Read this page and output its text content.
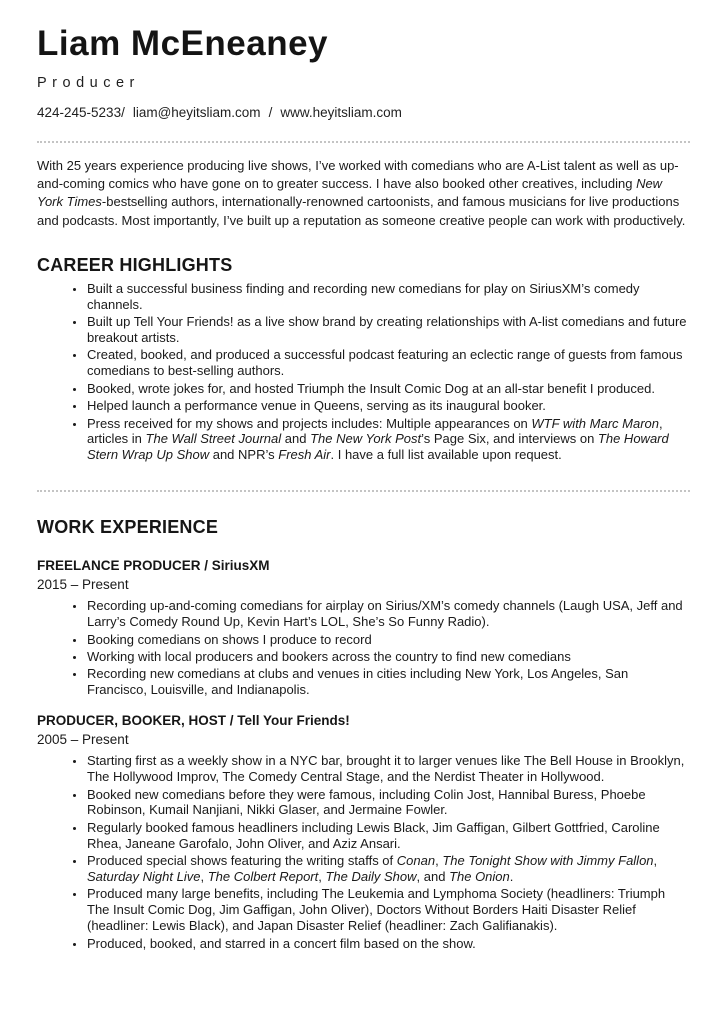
Liam McEneaney
Producer
424-245-5233/ liam@heyitsliam.com / www.heyitsliam.com

With 25 years experience producing live shows, I’ve worked with comedians who are A-List talent as well as up-and-coming comics who have gone on to greater success. I have also booked other creatives, including New York Times-bestselling authors, internationally-renowned cartoonists, and famous musicians for live productions and podcasts. Most importantly, I’ve built up a reputation as someone creative people can work with productively.

CAREER HIGHLIGHTS
• Built a successful business finding and recording new comedians for play on SiriusXM’s comedy channels.
• Built up Tell Your Friends! as a live show brand by creating relationships with A-list comedians and future breakout artists.
• Created, booked, and produced a successful podcast featuring an eclectic range of guests from famous comedians to best-selling authors.
• Booked, wrote jokes for, and hosted Triumph the Insult Comic Dog at an all-star benefit I produced.
• Helped launch a performance venue in Queens, serving as its inaugural booker.
• Press received for my shows and projects includes: Multiple appearances on WTF with Marc Maron, articles in The Wall Street Journal and The New York Post’s Page Six, and interviews on The Howard Stern Wrap Up Show and NPR’s Fresh Air. I have a full list available upon request.
WORK EXPERIENCE
FREELANCE PRODUCER / SiriusXM
2015 – Present
• Recording up-and-coming comedians for airplay on Sirius/XM’s comedy channels (Laugh USA, Jeff and Larry’s Comedy Round Up, Kevin Hart’s LOL, She’s So Funny Radio).
• Booking comedians on shows I produce to record
• Working with local producers and bookers across the country to find new comedians
• Recording new comedians at clubs and venues in cities including New York, Los Angeles, San Francisco, Louisville, and Indianapolis.
PRODUCER, BOOKER, HOST / Tell Your Friends!
2005 – Present
• Starting first as a weekly show in a NYC bar, brought it to larger venues like The Bell House in Brooklyn, The Hollywood Improv, The Comedy Central Stage, and the Nerdist Theater in Hollywood.
• Booked new comedians before they were famous, including Colin Jost, Hannibal Buress, Phoebe Robinson, Kumail Nanjiani, Nikki Glaser, and Jermaine Fowler.
• Regularly booked famous headliners including Lewis Black, Jim Gaffigan, Gilbert Gottfried, Caroline Rhea, Janeane Garofalo, John Oliver, and Aziz Ansari.
• Produced special shows featuring the writing staffs of Conan, The Tonight Show with Jimmy Fallon, Saturday Night Live, The Colbert Report, The Daily Show, and The Onion.
• Produced many large benefits, including The Leukemia and Lymphoma Society (headliners: Triumph The Insult Comic Dog, Jim Gaffigan, John Oliver), Doctors Without Borders Haiti Disaster Relief (headliner: Lewis Black), and Japan Disaster Relief (headliner: Zach Galifianakis).
• Produced, booked, and starred in a concert film based on the show.
